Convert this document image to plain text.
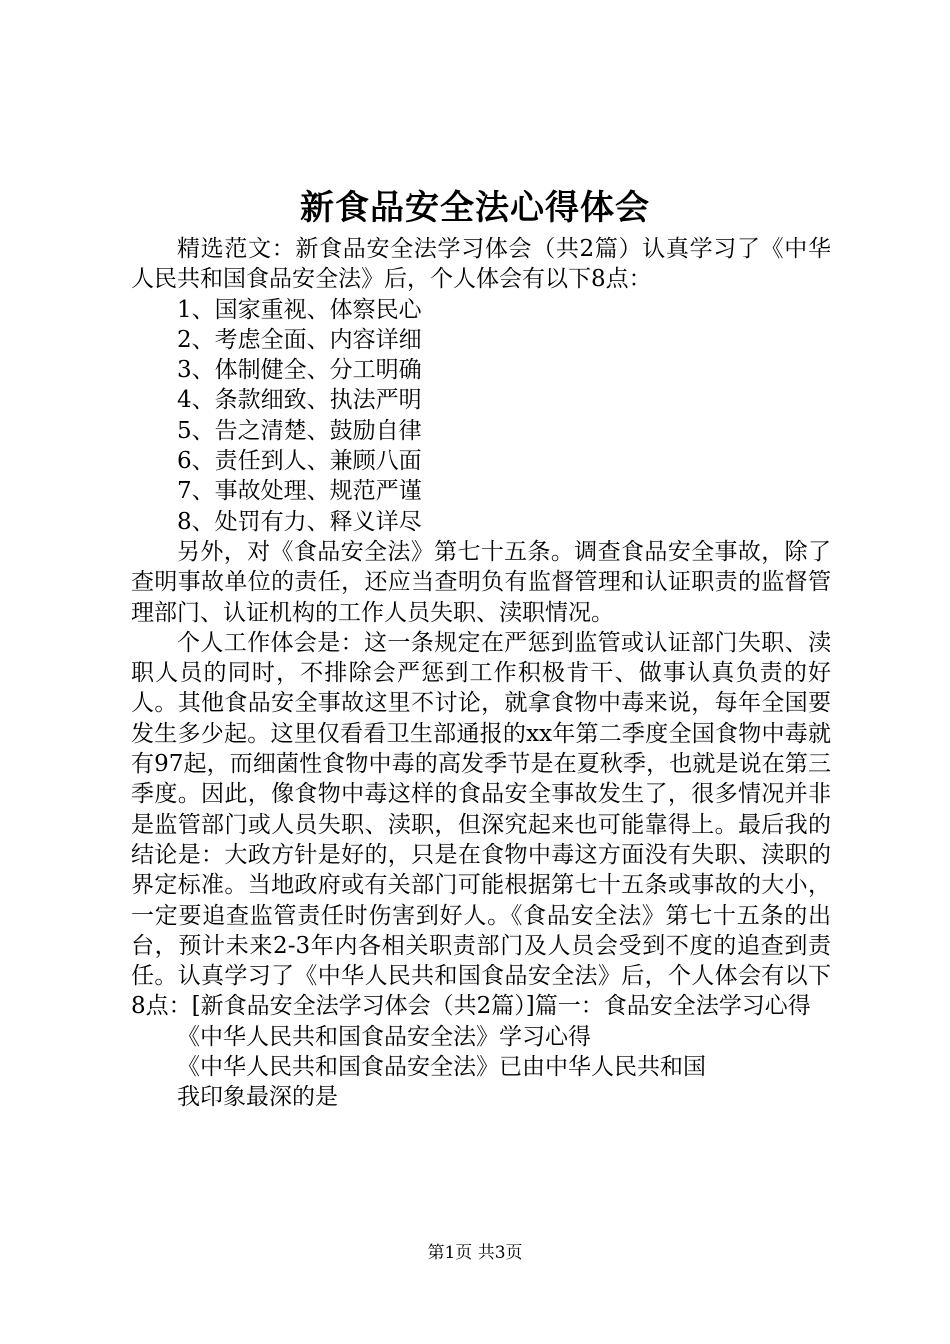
新食品安全法心得体会

精选范文：新食品安全法学习体会（共2篇）认真学习了《中华人民共和国食品安全法》后，个人体会有以下8点：

1、国家重视、体察民心

2、考虑全面、内容详细

3、体制健全、分工明确

4、条款细致、执法严明

5、告之清楚、鼓励自律

6、责任到人、兼顾八面

7、事故处理、规范严谨

8、处罚有力、释义详尽

另外，对《食品安全法》第七十五条。调查食品安全事故，除了查明事故单位的责任，还应当查明负有监督管理和认证职责的监督管理部门、认证机构的工作人员失职、渎职情况。

个人工作体会是：这一条规定在严惩到监管或认证部门失职、渎职人员的同时，不排除会严惩到工作积极肯干、做事认真负责的好人。其他食品安全事故这里不讨论，就拿食物中毒来说，每年全国要发生多少起。这里仅看看卫生部通报的xx年第二季度全国食物中毒就有97起，而细菌性食物中毒的高发季节是在夏秋季，也就是说在第三季度。因此，像食物中毒这样的食品安全事故发生了，很多情况并非是监管部门或人员失职、渎职，但深究起来也可能靠得上。最后我的结论是：大政方针是好的，只是在食物中毒这方面没有失职、渎职的界定标准。当地政府或有关部门可能根据第七十五条或事故的大小，一定要追查监管责任时伤害到好人。《食品安全法》第七十五条的出台，预计未来2-3年内各相关职责部门及人员会受到不度的追查到责任。认真学习了《中华人民共和国食品安全法》后，个人体会有以下8点：[新食品安全法学习体会（共2篇）]篇一：食品安全法学习心得

《中华人民共和国食品安全法》学习心得

《中华人民共和国食品安全法》已由中华人民共和国

我印象最深的是

第1页 共3页
